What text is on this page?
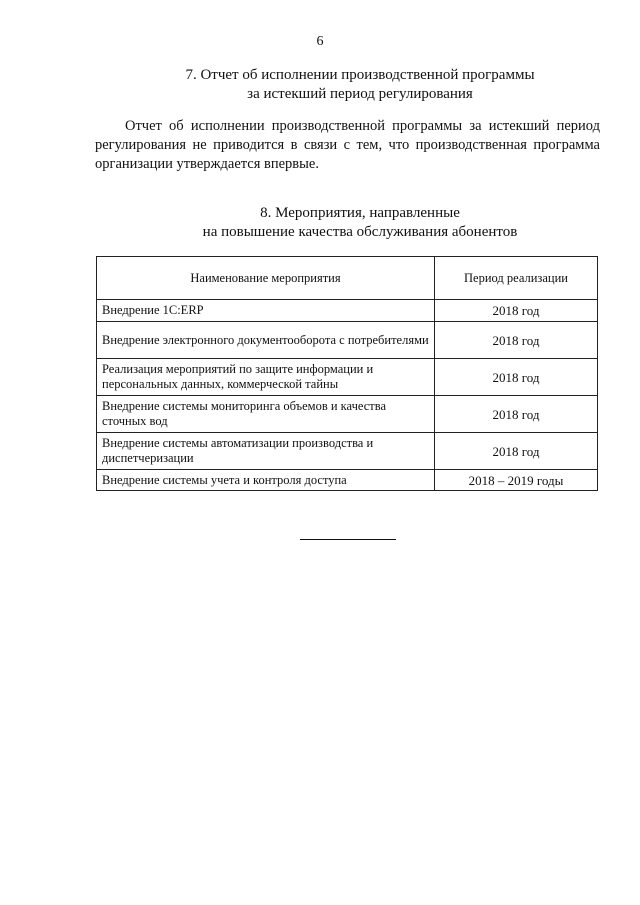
6
7. Отчет об исполнении производственной программы
за истекший период регулирования
Отчет об исполнении производственной программы за истекший период регулирования не приводится в связи с тем, что производственная программа организации утверждается впервые.
8. Мероприятия, направленные
на повышение качества обслуживания абонентов
Наименование мероприятия	Период реализации
Внедрение 1С:ERP	2018 год
Внедрение электронного документооборота с потребителями	2018 год
Реализация мероприятий по защите информации и персональных данных, коммерческой тайны	2018 год
Внедрение системы мониторинга объемов и качества сточных вод	2018 год
Внедрение системы автоматизации производства и диспетчеризации	2018 год
Внедрение системы учета и контроля доступа	2018 – 2019 годы
